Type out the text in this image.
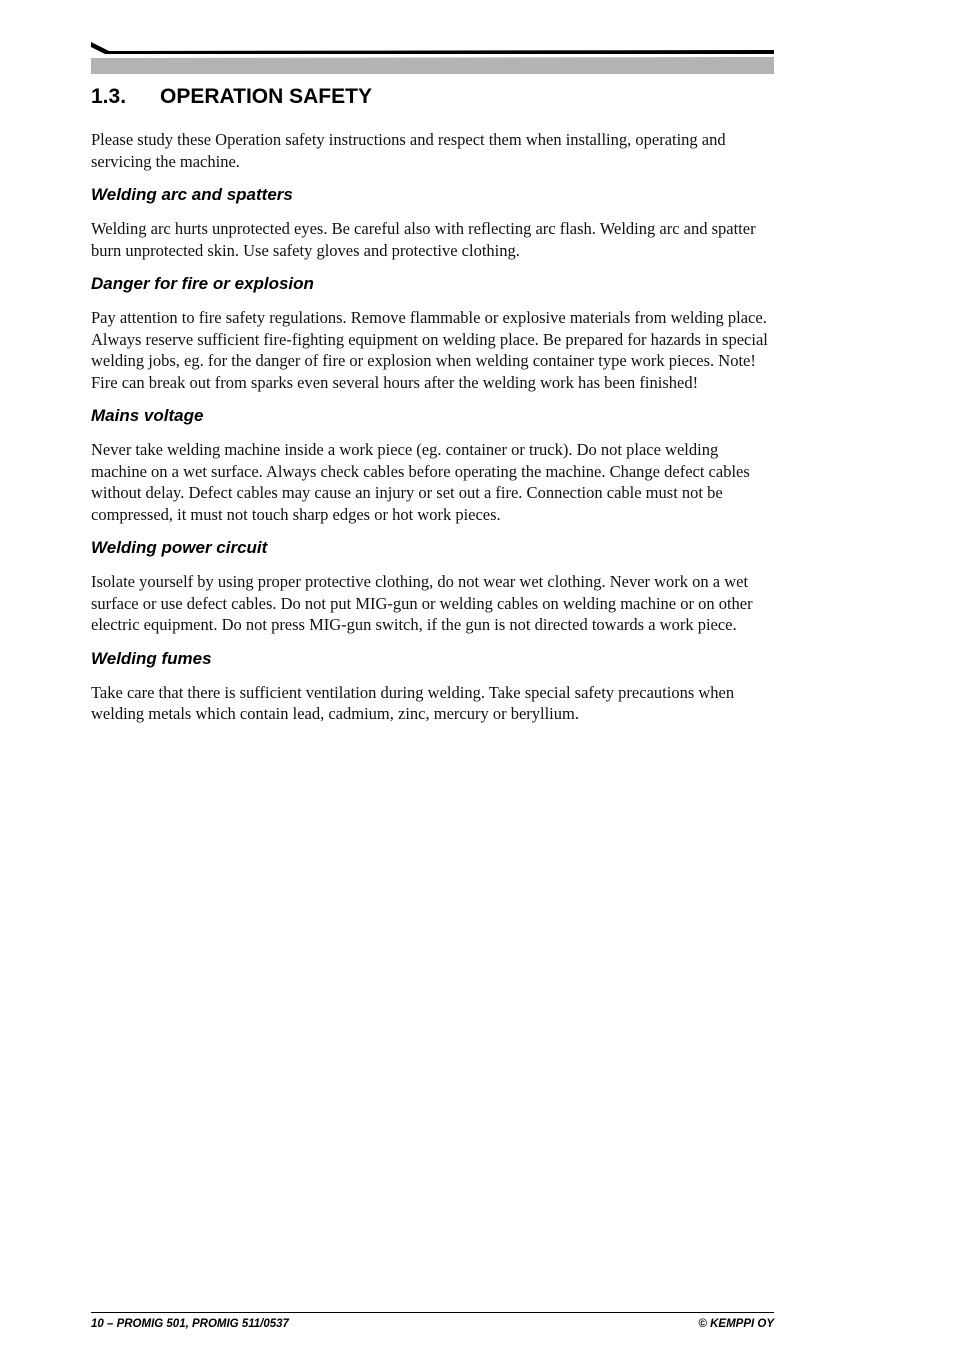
1.3.	OPERATION SAFETY

Please study these Operation safety instructions and respect them when installing, operating and servicing the machine.

Welding arc and spatters

Welding arc hurts unprotected eyes. Be careful also with reflecting arc flash. Welding arc and spatter burn unprotected skin. Use safety gloves and protective clothing.

Danger for fire or explosion

Pay attention to fire safety regulations. Remove flammable or explosive materials from welding place. Always reserve sufficient fire-fighting equipment on welding place. Be prepared for hazards in special welding jobs, eg. for the danger of fire or explosion when welding container type work pieces. Note! Fire can break out from sparks even several hours after the welding work has been finished!

Mains voltage

Never take welding machine inside a work piece (eg. container or truck). Do not place welding machine on a wet surface. Always check cables before operating the machine. Change defect cables without delay. Defect cables may cause an injury or set out a fire. Connection cable must not be compressed, it must not touch sharp edges or hot work pieces.

Welding power circuit

Isolate yourself by using proper protective clothing, do not wear wet clothing. Never work on a wet surface or use defect cables. Do not put MIG-gun or welding cables on welding machine or on other electric equipment. Do not press MIG-gun switch, if the gun is not directed towards a work piece.

Welding fumes

Take care that there is sufficient ventilation during welding. Take special safety precautions when welding metals which contain lead, cadmium, zinc, mercury or beryllium.

10 – PROMIG 501, PROMIG 511/0537	© KEMPPI OY
